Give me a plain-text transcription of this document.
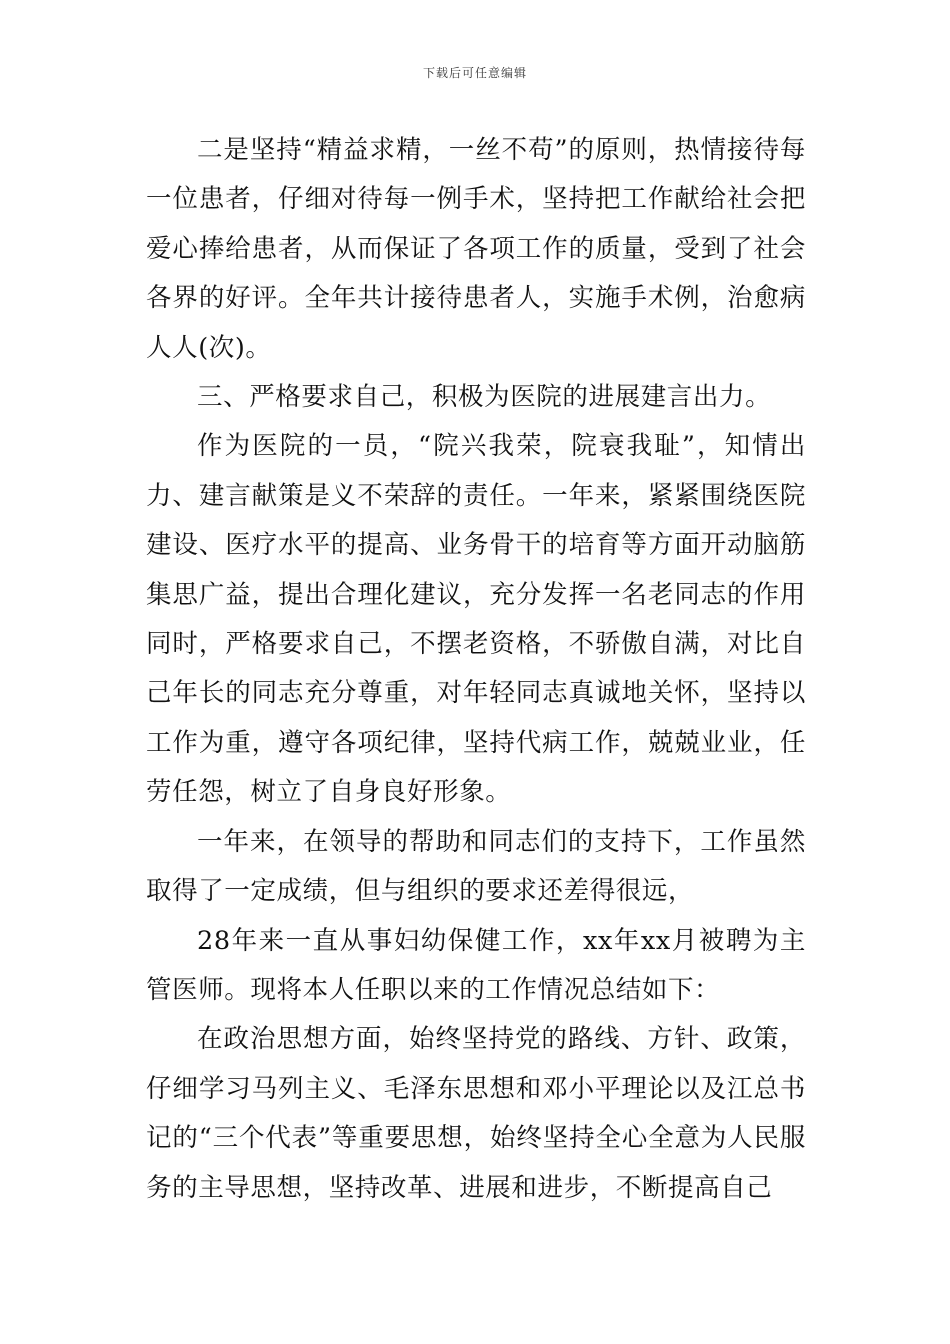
下载后可任意编辑

二是坚持“精益求精，一丝不苟”的原则，热情接待每一位患者，仔细对待每一例手术，坚持把工作献给社会把爱心捧给患者，从而保证了各项工作的质量，受到了社会各界的好评。全年共计接待患者人，实施手术例，治愈病人人(次)。

三、严格要求自己，积极为医院的进展建言出力。

作为医院的一员，“院兴我荣，院衰我耻”，知情出力、建言献策是义不荣辞的责任。一年来，紧紧围绕医院建设、医疗水平的提高、业务骨干的培育等方面开动脑筋集思广益，提出合理化建议，充分发挥一名老同志的作用同时，严格要求自己，不摆老资格，不骄傲自满，对比自己年长的同志充分尊重，对年轻同志真诚地关怀，坚持以工作为重，遵守各项纪律，坚持代病工作，兢兢业业，任劳任怨，树立了自身良好形象。

一年来，在领导的帮助和同志们的支持下，工作虽然取得了一定成绩，但与组织的要求还差得很远，

28年来一直从事妇幼保健工作，xx年xx月被聘为主管医师。现将本人任职以来的工作情况总结如下：

在政治思想方面，始终坚持党的路线、方针、政策，仔细学习马列主义、毛泽东思想和邓小平理论以及江总书记的“三个代表”等重要思想，始终坚持全心全意为人民服务的主导思想，坚持改革、进展和进步，不断提高自己
